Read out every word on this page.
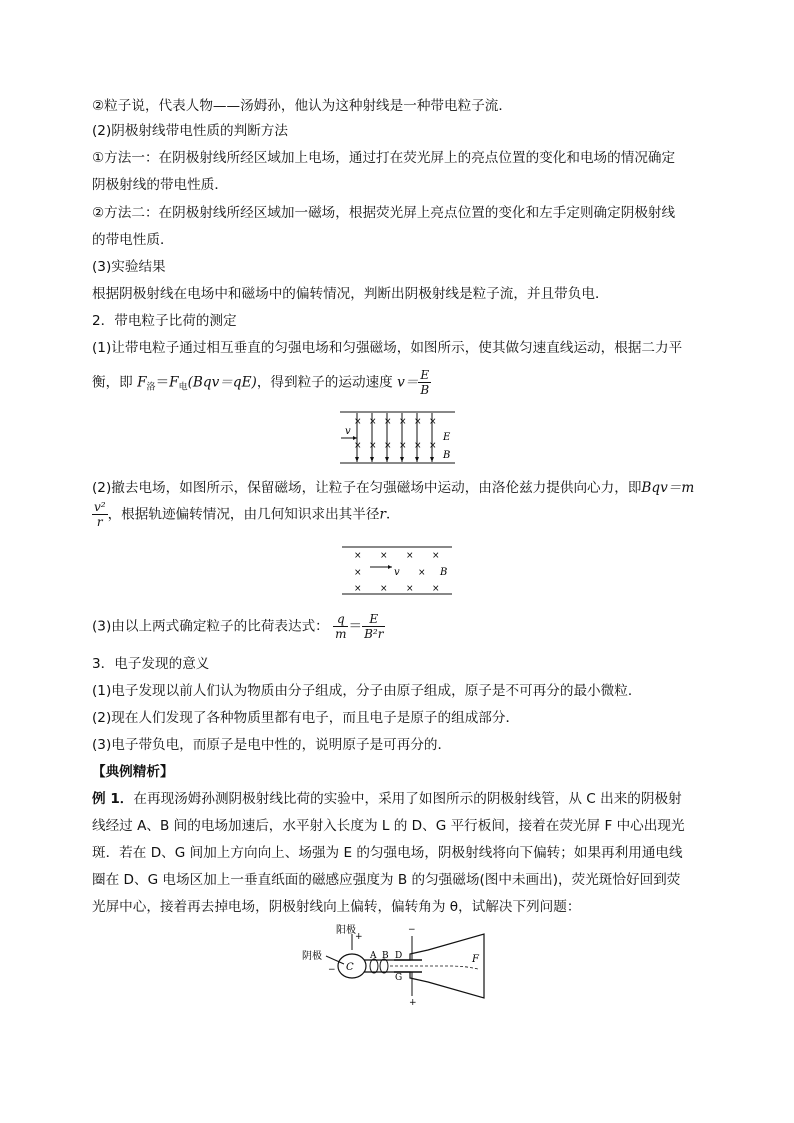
②粒子说，代表人物——汤姆孙，他认为这种射线是一种带电粒子流．
(2)阴极射线带电性质的判断方法
①方法一：在阴极射线所经区域加上电场，通过打在荧光屏上的亮点位置的变化和电场的情况确定
阴极射线的带电性质．
②方法二：在阴极射线所经区域加一磁场，根据荧光屏上亮点位置的变化和左手定则确定阴极射线
的带电性质．
(3)实验结果
根据阴极射线在电场中和磁场中的偏转情况，判断出阴极射线是粒子流，并且带负电．
2．带电粒子比荷的测定
(1)让带电粒子通过相互垂直的匀强电场和匀强磁场，如图所示，使其做匀速直线运动，根据二力平
衡，即 $F_洛=F_电(Bqv=qE)$，得到粒子的运动速度 $v= \frac{E}{B}$
×
×
×
×
×
×
×
×
×
×
×
×
v
E
B
(2)撤去电场，如图所示，保留磁场，让粒子在匀强磁场中运动，由洛伦兹力提供向心力，即Bqv＝m
$\frac{\text{v²}}{r}$ ，根据轨迹偏转情况，由几何知识求出其半径r．
× × × ×
×	×
× × × ×
v	B
(3)由以上两式确定粒子的比荷表达式： $\frac{q}{m} = \frac{E}{\text{B²r}}$
3．电子发现的意义
(1)电子发现以前人们认为物质由分子组成，分子由原子组成，原子是不可再分的最小微粒．
(2)现在人们发现了各种物质里都有电子，而且电子是原子的组成部分．
(3)电子带负电，而原子是电中性的，说明原子是可再分的．
【典例精析】
例 1．在再现汤姆孙测阴极射线比荷的实验中，采用了如图所示的阴极射线管，从 C 出来的阴极射
线经过 A、B 间的电场加速后，水平射入长度为 L 的 D、G 平行板间，接着在荧光屏 F 中心出现光
斑．若在 D、G 间加上方向向上、场强为 E 的匀强电场，阴极射线将向下偏转；如果再利用通电线
圈在 D、G 电场区加上一垂直纸面的磁感应强度为 B 的匀强磁场(图中未画出)，荧光斑恰好回到荧
光屏中心，接着再去掉电场，阴极射线向上偏转，偏转角为 θ，试解决下列问题：
阳极
阴极
+
− C
A B D
G
−
+
F
